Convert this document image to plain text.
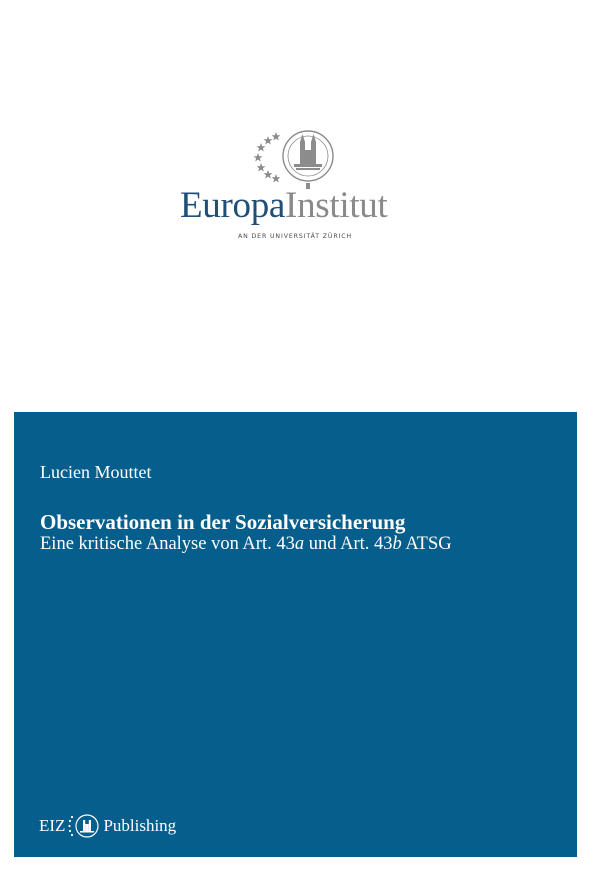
EuropaInstitut
AN DER UNIVERSITÄT ZÜRICH
Lucien Mouttet
Observationen in der Sozialversicherung
Eine kritische Analyse von Art. 43a und Art. 43b ATSG
EIZ Publishing
